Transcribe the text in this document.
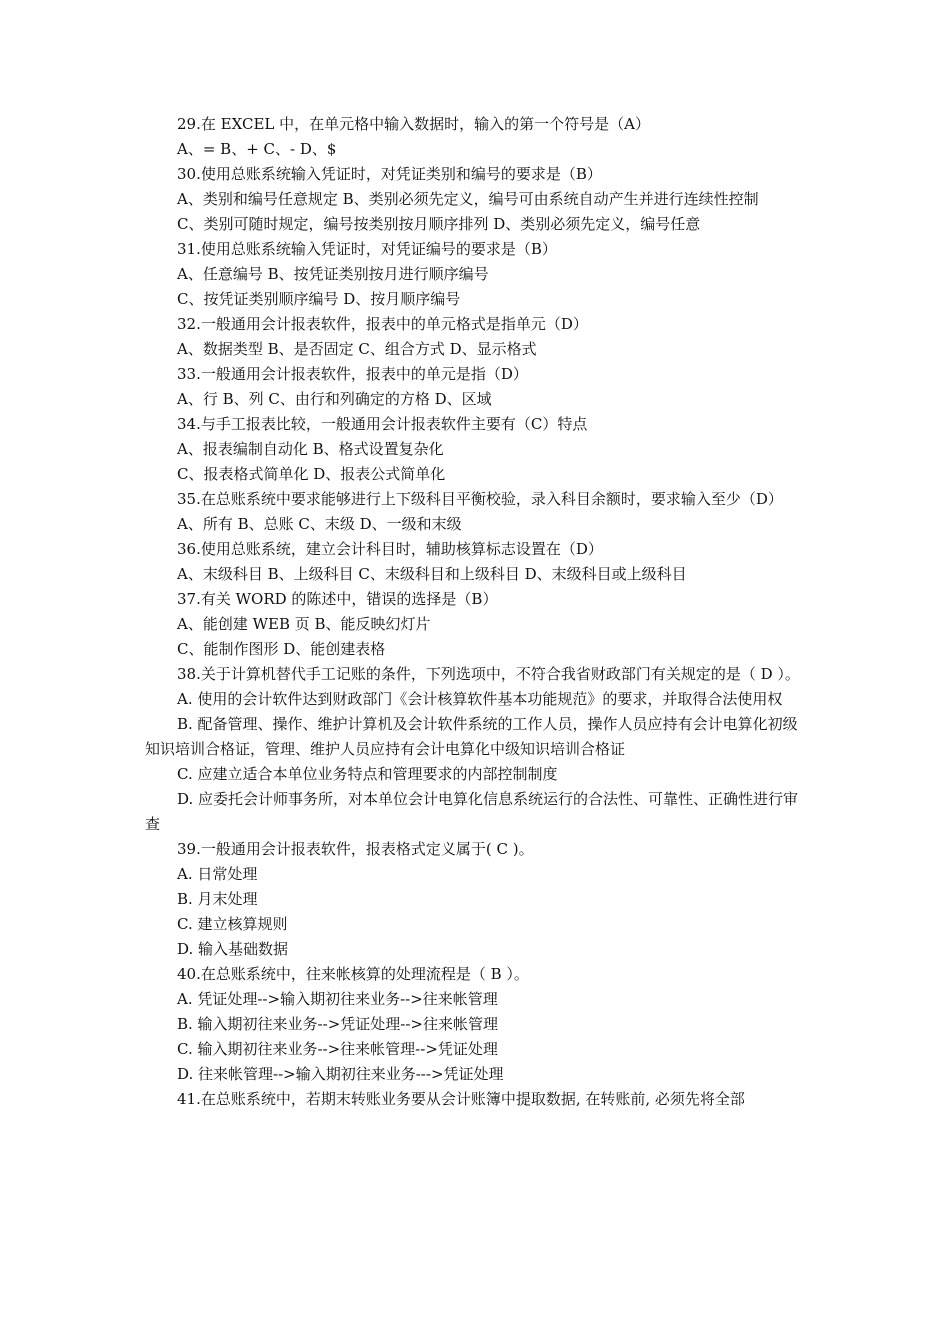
29.在 EXCEL 中，在单元格中输入数据时，输入的第一个符号是（A）

A、= B、+ C、- D、$

30.使用总账系统输入凭证时，对凭证类别和编号的要求是（B）

A、类别和编号任意规定 B、类别必须先定义，编号可由系统自动产生并进行连续性控制

C、类别可随时规定，编号按类别按月顺序排列 D、类别必须先定义，编号任意

31.使用总账系统输入凭证时，对凭证编号的要求是（B）

A、任意编号 B、按凭证类别按月进行顺序编号

C、按凭证类别顺序编号 D、按月顺序编号

32.一般通用会计报表软件，报表中的单元格式是指单元（D）

A、数据类型 B、是否固定 C、组合方式 D、显示格式

33.一般通用会计报表软件，报表中的单元是指（D）

A、行 B、列 C、由行和列确定的方格 D、区域

34.与手工报表比较，一般通用会计报表软件主要有（C）特点

A、报表编制自动化 B、格式设置复杂化

C、报表格式简单化 D、报表公式简单化

35.在总账系统中要求能够进行上下级科目平衡校验，录入科目余额时，要求输入至少（D）

A、所有 B、总账 C、末级 D、一级和末级

36.使用总账系统，建立会计科目时，辅助核算标志设置在（D）

A、末级科目 B、上级科目 C、末级科目和上级科目 D、末级科目或上级科目

37.有关 WORD 的陈述中，错误的选择是（B）

A、能创建 WEB 页 B、能反映幻灯片

C、能制作图形 D、能创建表格

38.关于计算机替代手工记账的条件，下列选项中，不符合我省财政部门有关规定的是（ D ）。

A. 使用的会计软件达到财政部门《会计核算软件基本功能规范》的要求，并取得合法使用权

B. 配备管理、操作、维护计算机及会计软件系统的工作人员，操作人员应持有会计电算化初级知识培训合格证，管理、维护人员应持有会计电算化中级知识培训合格证

C. 应建立适合本单位业务特点和管理要求的内部控制制度

D. 应委托会计师事务所，对本单位会计电算化信息系统运行的合法性、可靠性、正确性进行审查

39.一般通用会计报表软件，报表格式定义属于( C )。

A. 日常处理

B. 月末处理

C. 建立核算规则

D. 输入基础数据

40.在总账系统中，往来帐核算的处理流程是（ B ）。

A. 凭证处理-->输入期初往来业务-->往来帐管理

B. 输入期初往来业务-->凭证处理-->往来帐管理

C. 输入期初往来业务-->往来帐管理-->凭证处理

D. 往来帐管理-->输入期初往来业务--->凭证处理

41.在总账系统中，若期末转账业务要从会计账簿中提取数据, 在转账前, 必须先将全部
